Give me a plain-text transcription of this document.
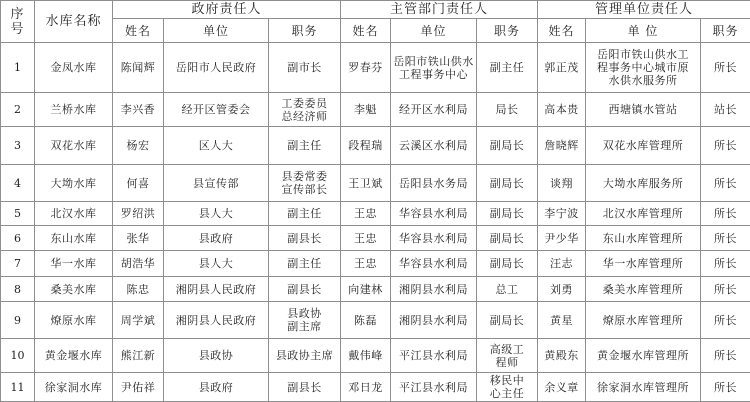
序
号	水库名称	政府责任人			主管部门责任人			管理单位责任人		
		姓名	单位	职务	姓名	单位	职务	姓名	单 位	职务
1	金凤水库	陈闻辉	岳阳市人民政府	副市长	罗春芬	岳阳市铁山供水
工程事务中心	副主任	郭正茂	岳阳市铁山供水工
程事务中心城市原
水供水服务所	所长
2	兰桥水库	李兴香	经开区管委会	工委委员
总经济师	李魁	经开区水利局	局长	高本贵	西塘镇水管站	站长
3	双花水库	杨宏	区人大	副主任	段程瑞	云溪区水利局	副局长	詹晓辉	双花水库管理所	所长
4	大坳水库	何喜	县宣传部	县委常委
宣传部长	王卫斌	岳阳县水务局	副局长	谈翔	大坳水库服务所	所长
5	北汉水库	罗绍洪	县人大	副主任	王忠	华容县水利局	副局长	李宁波	北汉水库管理所	所长
6	东山水库	张华	县政府	副县长	王忠	华容县水利局	副局长	尹少华	东山水库管理所	所长
7	华一水库	胡浩华	县人大	副主任	王忠	华容县水利局	副局长	汪志	华一水库管理所	所长
8	桑美水库	陈忠	湘阴县人民政府	副县长	向建林	湘阴县水利局	总工	刘勇	桑美水库管理所	所长
9	燎原水库	周学斌	湘阴县人民政府	县政协
副主席	陈磊	湘阴县水利局	副局长	黄星	燎原水库管理所	所长
10	黄金堰水库	熊江新	县政协	县政协主席	戴伟峰	平江县水利局	高级工
程师	黄殿东	黄金堰水库管理所	所长
11	徐家洞水库	尹佑祥	县政府	副县长	邓日龙	平江县水利局	移民中
心主任	余义章	徐家洞水库管理所	所长
